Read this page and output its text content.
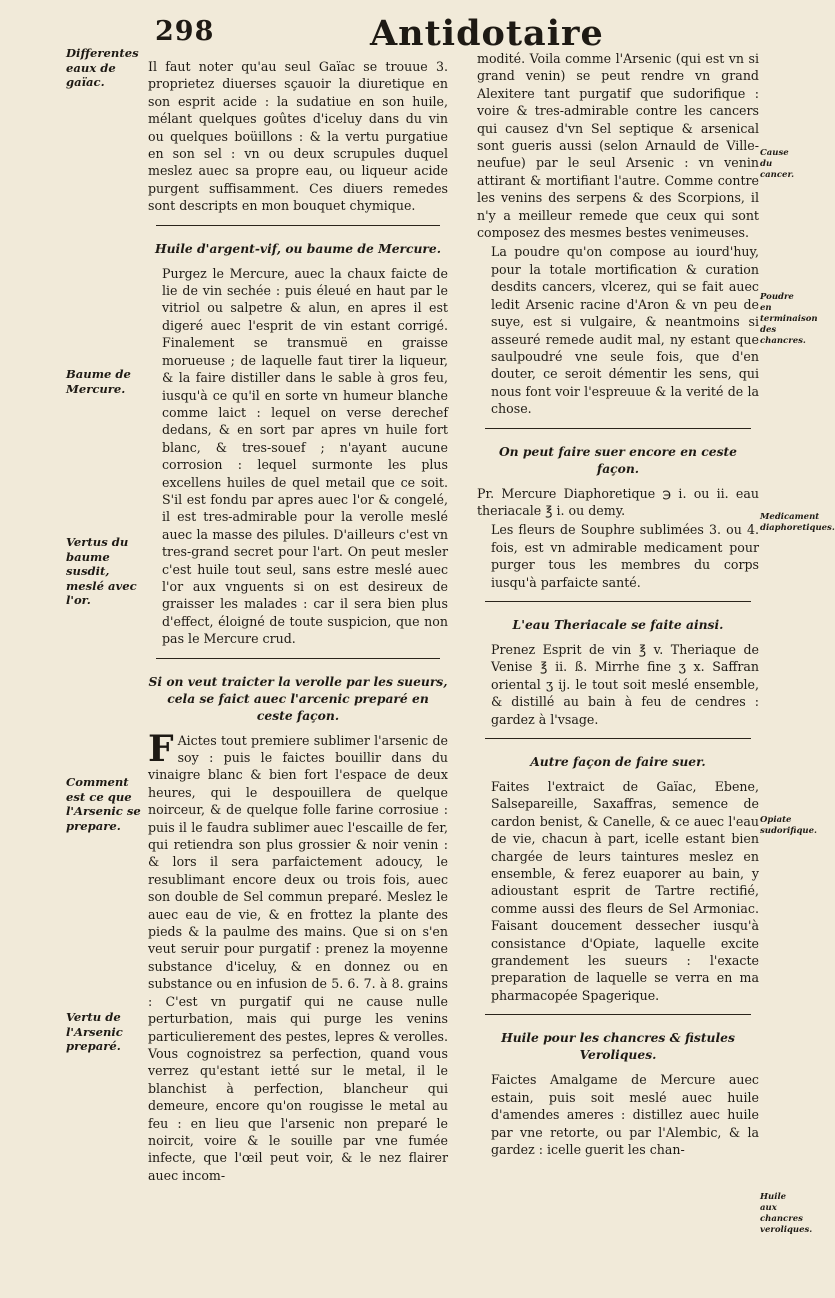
298	Antidotaire
Differentes eaux de gaïac.
Baume de Mercure.
Vertus du baume susdit, meslé avec l'or.
Comment est ce que l'Arsenic se prepare.
Vertu de l'Arsenic preparé.
Cause du cancer.
Poudre en terminaison des chancres.
Medicament diaphoretiques.
Opiate sudorifique.
Huile aux chancres veroliques.

Il faut noter qu'au seul Gaïac se trouue 3. proprietez diuerses sçauoir la diuretique en son esprit acide : la sudatiue en son huile, mélant quelques goûtes d'iceluy dans du vin ou quelques boüillons : & la vertu purgatiue en son sel : vn ou deux scrupules duquel meslez auec sa propre eau, ou liqueur acide purgent suffisamment. Ces diuers remedes sont descripts en mon bouquet chymique.

Huile d'argent-vif, ou baume de Mercure.

Purgez le Mercure, auec la chaux faicte de lie de vin sechée : puis éleué en haut par le vitriol ou salpetre & alun, en apres il est digeré auec l'esprit de vin estant corrigé. Finalement se transmuë en graisse morueuse ; de laquelle faut tirer la liqueur, & la faire distiller dans le sable à gros feu, iusqu'à ce qu'il en sorte vn humeur blanche comme laict : lequel on verse derechef dedans, & en sort par apres vn huile fort blanc, & tres-souef ; n'ayant aucune corrosion : lequel surmonte les plus excellens huiles de quel metail que ce soit. S'il est fondu par apres auec l'or & congelé, il est tres-admirable pour la verolle meslé auec la masse des pilules. D'ailleurs c'est vn tres-grand secret pour l'art. On peut mesler c'est huile tout seul, sans estre meslé auec l'or aux vnguents si on est desireux de graisser les malades : car il sera bien plus d'effect, éloigné de toute suspicion, que non pas le Mercure crud.

Si on veut traicter la verolle par les sueurs, cela se faict auec l'arcenic preparé en ceste façon.

F Aictes tout premiere sublimer l'arsenic de soy : puis le faictes bouillir dans du vinaigre blanc & bien fort l'espace de deux heures, qui le despouillera de quelque noirceur, & de quelque folle farine corrosiue : puis il le faudra sublimer auec l'escaille de fer, qui retiendra son plus grossier & noir venin : & lors il sera parfaictement adoucy, le resublimant encore deux ou trois fois, auec son double de Sel commun preparé. Meslez le auec eau de vie, & en frottez la plante des pieds & la paulme des mains. Que si on s'en veut seruir pour purgatif : prenez la moyenne substance d'iceluy, & en donnez ou en substance ou en infusion de 5. 6. 7. à 8. grains : C'est vn purgatif qui ne cause nulle perturbation, mais qui purge les venins particulierement des pestes, lepres & verolles. Vous cognoistrez sa perfection, quand vous verrez qu'estant ietté sur le metal, il le blanchist à perfection, blancheur qui demeure, encore qu'on rougisse le metal au feu : en lieu que l'arsenic non preparé le noircit, voire & le souille par vne fumée infecte, que l'œil peut voir, & le nez flairer auec incom-

modité. Voila comme l'Arsenic (qui est vn si grand venin) se peut rendre vn grand Alexitere tant purgatif que sudorifique : voire & tres-admirable contre les cancers qui causez d'vn Sel septique & arsenical sont gueris aussi (selon Arnauld de Ville-neufue) par le seul Arsenic : vn venin attirant & mortifiant l'autre. Comme contre les venins des serpens & des Scorpions, il n'y a meilleur remede que ceux qui sont composez des mesmes bestes venimeuses.

La poudre qu'on compose au iourd'huy, pour la totale mortification & curation desdits cancers, vlcerez, qui se fait auec ledit Arsenic racine d'Aron & vn peu de suye, est si vulgaire, & neantmoins si asseuré remede audit mal, ny estant que saulpoudré vne seule fois, que d'en douter, ce seroit démentir les sens, qui nous font voir l'espreuue & la verité de la chose.

On peut faire suer encore en ceste façon.

Pr. Mercure Diaphoretique ℈ i. ou ii. eau theriacale ℥ i. ou demy.

Les fleurs de Souphre sublimées 3. ou 4. fois, est vn admirable medicament pour purger tous les membres du corps iusqu'à parfaicte santé.

L'eau Theriacale se faite ainsi.

Prenez Esprit de vin ℥ v. Theriaque de Venise ℥ ii. ß. Mirrhe fine ʒ x. Saffran oriental ʒ ij. le tout soit meslé ensemble, & distillé au bain à feu de cendres : gardez à l'vsage.

Autre façon de faire suer.

Faites l'extraict de Gaïac, Ebene, Salsepareille, Saxaffras, semence de cardon benist, & Canelle, & ce auec l'eau de vie, chacun à part, icelle estant bien chargée de leurs taintures meslez en ensemble, & ferez euaporer au bain, y adioustant esprit de Tartre rectifié, comme aussi des fleurs de Sel Armoniac. Faisant doucement dessecher iusqu'à consistance d'Opiate, laquelle excite grandement les sueurs : l'exacte preparation de laquelle se verra en ma pharmacopée Spagerique.

Huile pour les chancres & fistules Veroliques.

Faictes Amalgame de Mercure auec estain, puis soit meslé auec huile d'amendes ameres : distillez auec huile par vne retorte, ou par l'Alembic, & la gardez : icelle guerit les chan-
